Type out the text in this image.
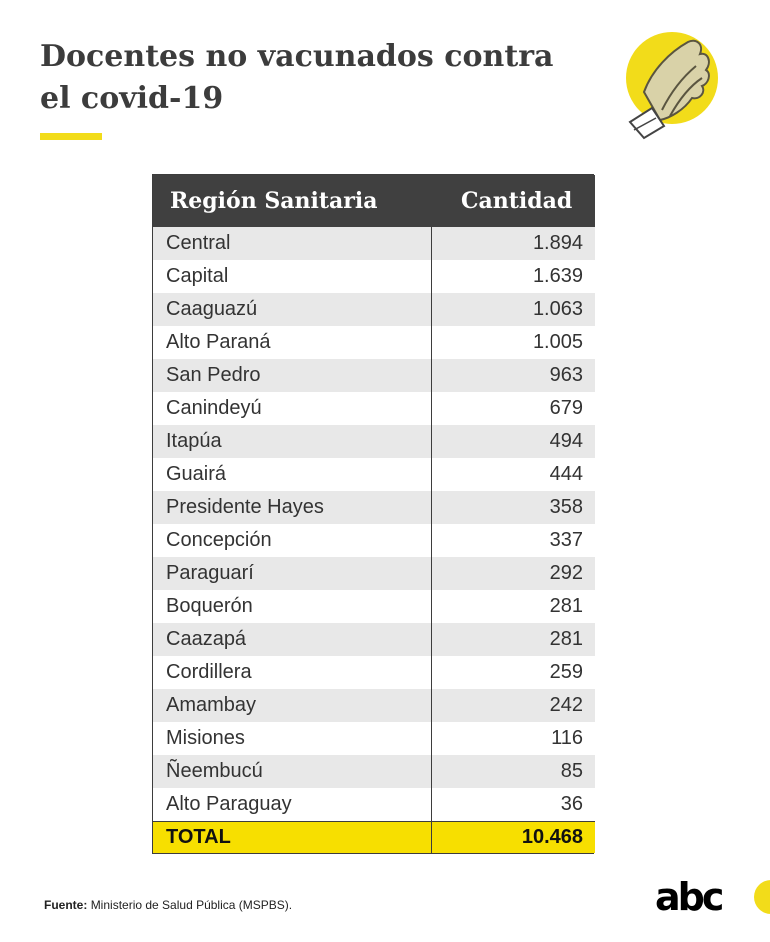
Docentes no vacunados contra el covid-19
Región Sanitaria	Cantidad
Central	1.894
Capital	1.639
Caaguazú	1.063
Alto Paraná	1.005
San Pedro	963
Canindeyú	679
Itapúa	494
Guairá	444
Presidente Hayes	358
Concepción	337
Paraguarí	292
Boquerón	281
Caazapá	281
Cordillera	259
Amambay	242
Misiones	116
Ñeembucú	85
Alto Paraguay	36
TOTAL	10.468
Fuente: Ministerio de Salud Pública (MSPBS).	abc
